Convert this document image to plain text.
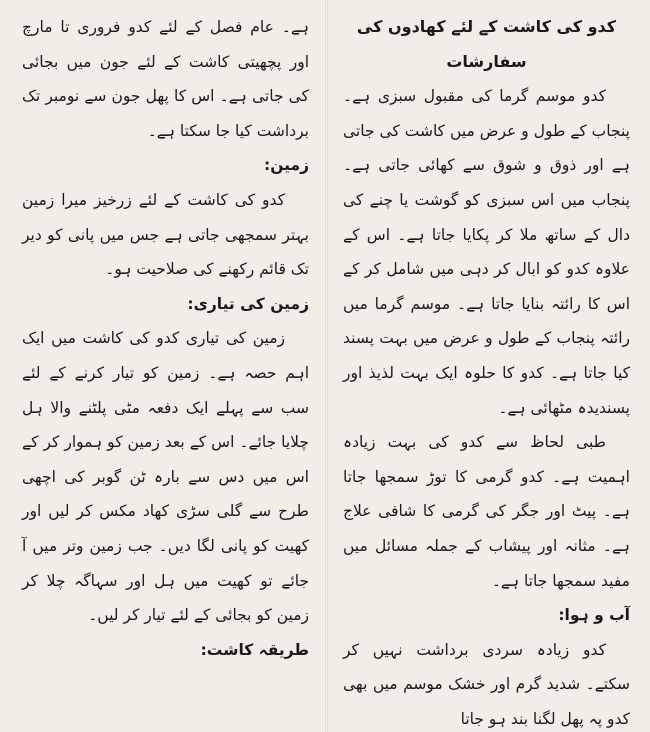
کدو کی کاشت کے لئے کھادوں کی سفارشات

کدو موسم گرما کی مقبول سبزی ہے۔ پنجاب کے طول و عرض میں کاشت کی جاتی ہے اور ذوق و شوق سے کھائی جاتی ہے۔ پنجاب میں اس سبزی کو گوشت یا چنے کی دال کے ساتھ ملا کر پکایا جاتا ہے۔ اس کے علاوہ کدو کو ابال کر دہی میں شامل کر کے اس کا رائتہ بنایا جاتا ہے۔ موسم گرما میں رائتہ پنجاب کے طول و عرض میں بہت پسند کیا جاتا ہے۔ کدو کا حلوہ ایک بہت لذیذ اور پسندیدہ مٹھائی ہے۔

طبی لحاظ سے کدو کی بہت زیادہ اہمیت ہے۔ کدو گرمی کا توڑ سمجھا جاتا ہے۔ پیٹ اور جگر کی گرمی کا شافی علاج ہے۔ مثانہ اور پیشاب کے جملہ مسائل میں مفید سمجھا جاتا ہے۔

آب و ہوا:

کدو زیادہ سردی برداشت نہیں کر سکتے۔ شدید گرم اور خشک موسم میں بھی کدو پہ پھل لگنا بند ہو جاتا

ہے۔ عام فصل کے لئے کدو فروری تا مارچ اور پچھیتی کاشت کے لئے جون میں بجائی کی جاتی ہے۔ اس کا پھل جون سے نومبر تک برداشت کیا جا سکتا ہے۔

زمین:

کدو کی کاشت کے لئے زرخیز میرا زمین بہتر سمجھی جاتی ہے جس میں پانی کو دیر تک قائم رکھنے کی صلاحیت ہو۔

زمین کی تیاری:

زمین کی تیاری کدو کی کاشت میں ایک اہم حصہ ہے۔ زمین کو تیار کرنے کے لئے سب سے پہلے ایک دفعہ مٹی پلٹنے والا ہل چلایا جائے۔ اس کے بعد زمین کو ہموار کر کے اس میں دس سے بارہ ٹن گوبر کی اچھی طرح سے گلی سڑی کھاد مکس کر لیں اور کھیت کو پانی لگا دیں۔ جب زمین وتر میں آ جائے تو کھیت میں ہل اور سہاگہ چلا کر زمین کو بجائی کے لئے تیار کر لیں۔

طریقہ کاشت:
